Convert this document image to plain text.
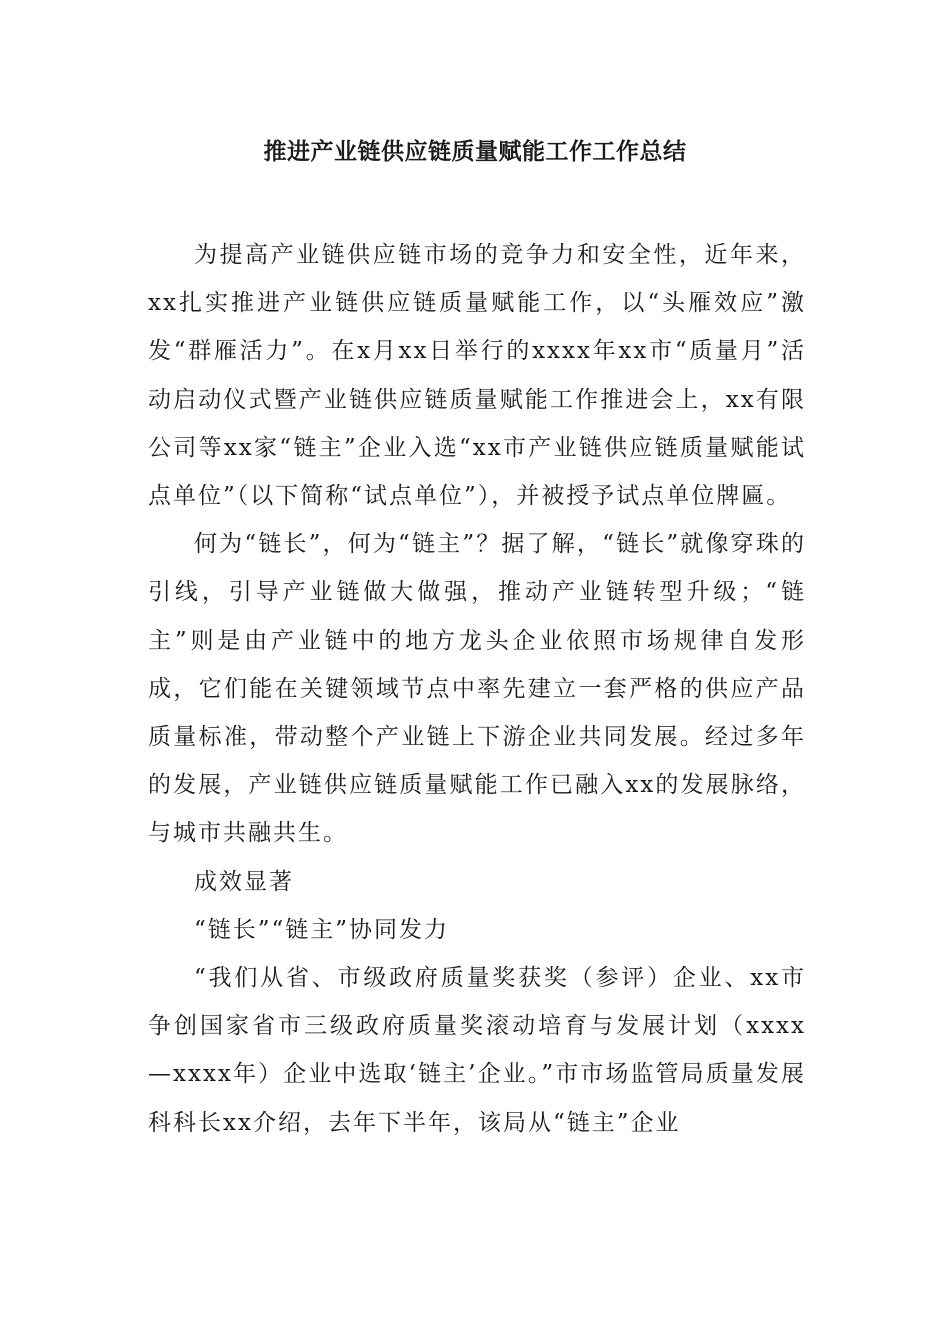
推进产业链供应链质量赋能工作工作总结

为提高产业链供应链市场的竞争力和安全性，近年来，xx扎实推进产业链供应链质量赋能工作，以“头雁效应”激发“群雁活力”。在x月xx日举行的xxxx年xx市“质量月”活动启动仪式暨产业链供应链质量赋能工作推进会上，xx有限公司等xx家“链主”企业入选“xx市产业链供应链质量赋能试点单位”（以下简称“试点单位”），并被授予试点单位牌匾。

何为“链长”，何为“链主”？据了解，“链长”就像穿珠的引线，引导产业链做大做强，推动产业链转型升级；“链主”则是由产业链中的地方龙头企业依照市场规律自发形成，它们能在关键领域节点中率先建立一套严格的供应产品质量标准，带动整个产业链上下游企业共同发展。经过多年的发展，产业链供应链质量赋能工作已融入xx的发展脉络，与城市共融共生。

成效显著

“链长”“链主”协同发力

“我们从省、市级政府质量奖获奖（参评）企业、xx市争创国家省市三级政府质量奖滚动培育与发展计划（xxxx—xxxx年）企业中选取‘链主’企业。”市市场监管局质量发展科科长xx介绍，去年下半年，该局从“链主”企业
